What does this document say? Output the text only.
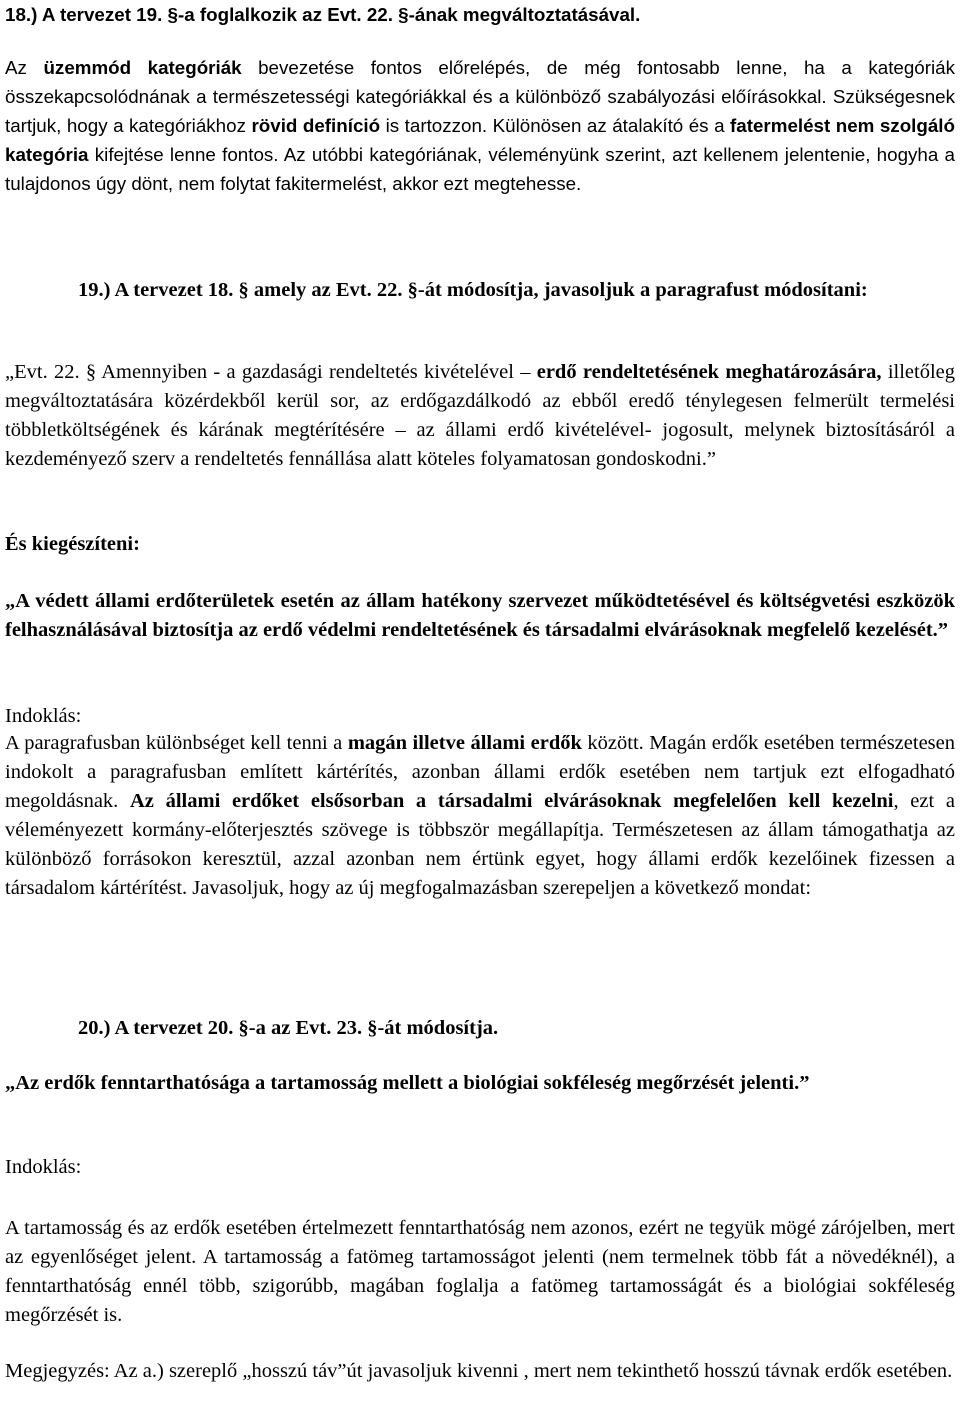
18.) A tervezet 19. §-a foglalkozik az Evt. 22. §-ának megváltoztatásával.

Az üzemmód kategóriák bevezetése fontos előrelépés, de még fontosabb lenne, ha a kategóriák összekapcsolódnának a természetességi kategóriákkal és a különböző szabályozási előírásokkal. Szükségesnek tartjuk, hogy a kategóriákhoz rövid definíció is tartozzon. Különösen az átalakító és a fatermelést nem szolgáló kategória kifejtése lenne fontos. Az utóbbi kategóriának, véleményünk szerint, azt kellenem jelentenie, hogyha a tulajdonos úgy dönt, nem folytat fakitermelést, akkor ezt megtehesse.

19.) A tervezet 18. § amely az Evt. 22. §-át módosítja, javasoljuk a paragrafust módosítani:

„Evt. 22. § Amennyiben - a gazdasági rendeltetés kivételével – erdő rendeltetésének meghatározására, illetőleg megváltoztatására közérdekből kerül sor, az erdőgazdálkodó az ebből eredő ténylegesen felmerült termelési többletköltségének és kárának megtérítésére – az állami erdő kivételével- jogosult, melynek biztosításáról a kezdeményező szerv a rendeltetés fennállása alatt köteles folyamatosan gondoskodni.”

És kiegészíteni:

„A védett állami erdőterületek esetén az állam hatékony szervezet működtetésével és költségvetési eszközök felhasználásával biztosítja az erdő védelmi rendeltetésének és társadalmi elvárásoknak megfelelő kezelését.”

Indoklás:

A paragrafusban különbséget kell tenni a magán illetve állami erdők között. Magán erdők esetében természetesen indokolt a paragrafusban említett kártérítés, azonban állami erdők esetében nem tartjuk ezt elfogadható megoldásnak. Az állami erdőket elsősorban a társadalmi elvárásoknak megfelelően kell kezelni, ezt a véleményezett kormány-előterjesztés szövege is többször megállapítja. Természetesen az állam támogathatja az különböző forrásokon keresztül, azzal azonban nem értünk egyet, hogy állami erdők kezelőinek fizessen a társadalom kártérítést. Javasoljuk, hogy az új megfogalmazásban szerepeljen a következő mondat:

20.) A tervezet 20. §-a az Evt. 23. §-át módosítja.

„Az erdők fenntarthatósága a tartamosság mellett a biológiai sokféleség megőrzését jelenti.”

Indoklás:

A tartamosság és az erdők esetében értelmezett fenntarthatóság nem azonos, ezért ne tegyük mögé zárójelben, mert az egyenlőséget jelent. A tartamosság a fatömeg tartamosságot jelenti (nem termelnek több fát a növedéknél), a fenntarthatóság ennél több, szigorúbb, magában foglalja a fatömeg tartamosságát és a biológiai sokféleség megőrzését is.

Megjegyzés: Az a.) szereplő „hosszú táv”út javasoljuk kivenni , mert nem tekinthető hosszú távnak erdők esetében.
